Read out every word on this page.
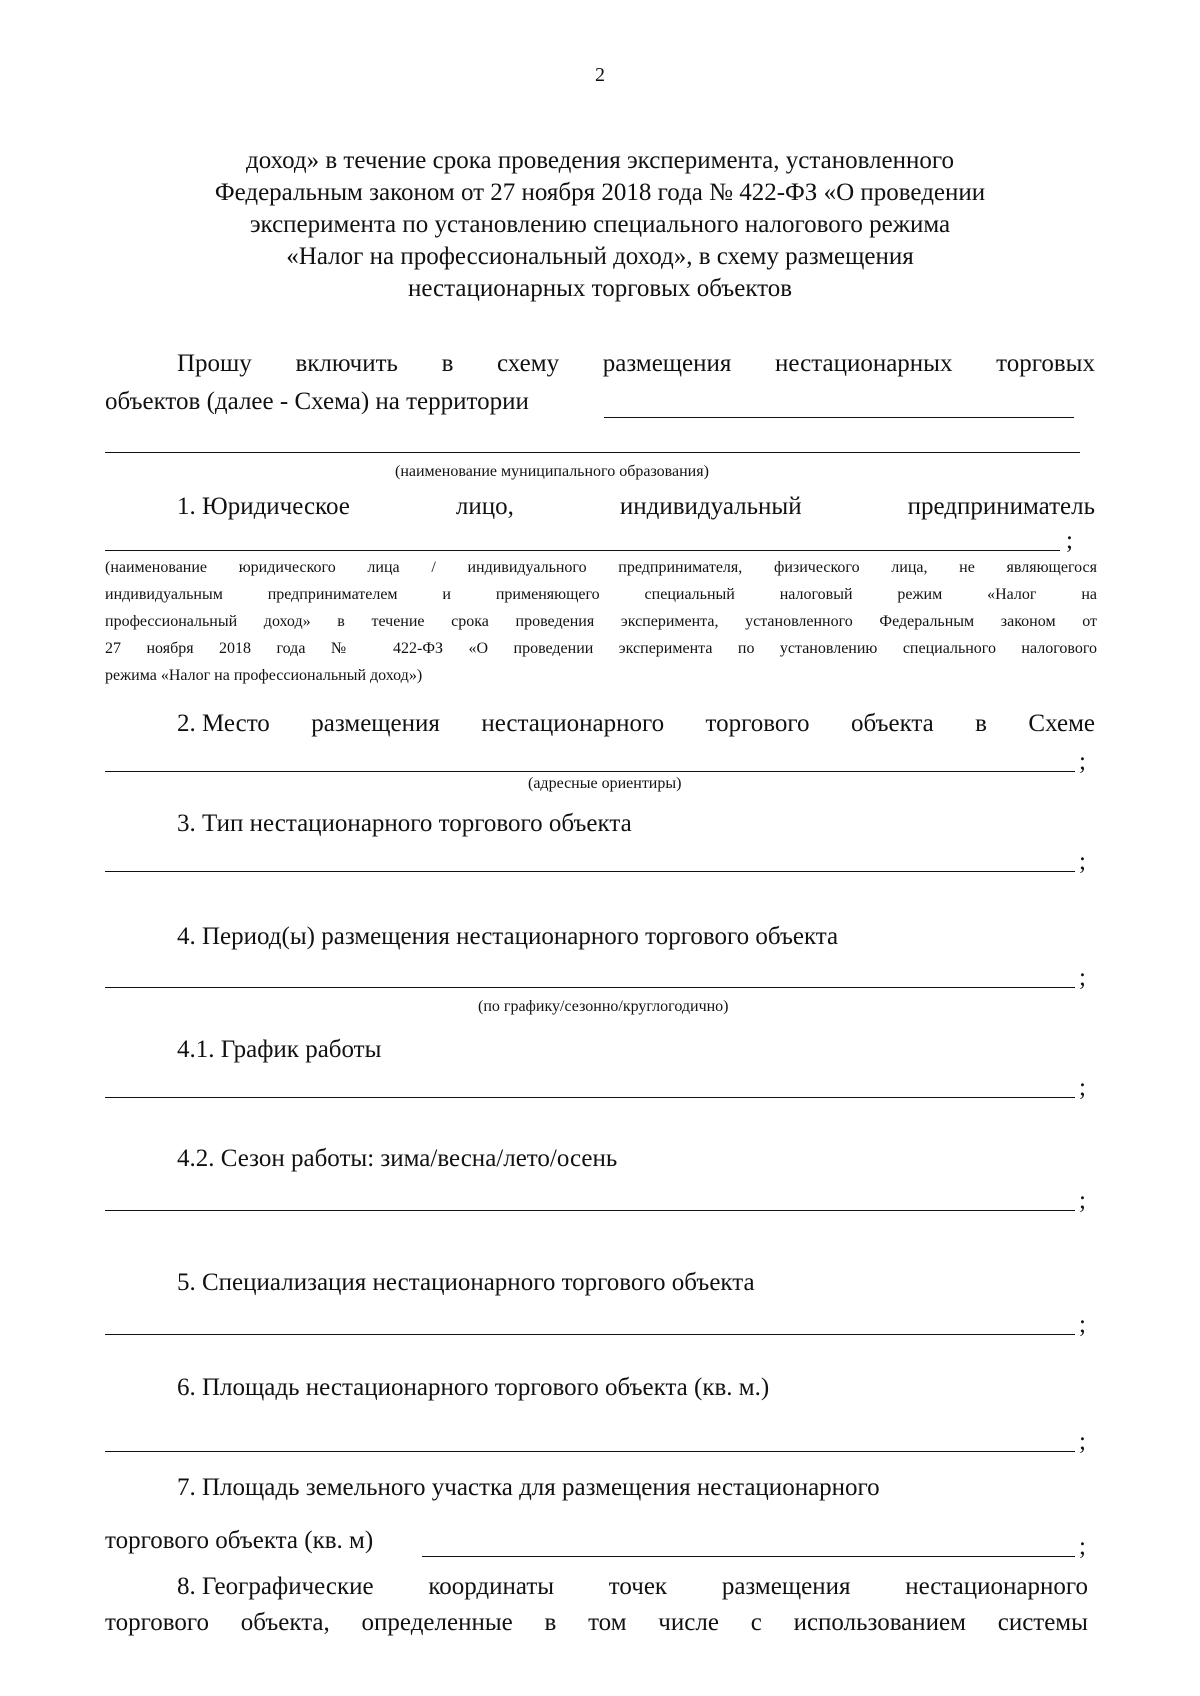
2
доход» в течение срока проведения эксперимента, установленного
Федеральным законом от 27 ноября 2018 года № 422-ФЗ «О проведении
эксперимента по установлению специального налогового режима
«Налог на профессиональный доход», в схему размещения
нестационарных торговых объектов
Прошу включить в схему размещения нестационарных торговых
объектов (далее - Схема) на территории
(наименование муниципального образования)
1. Юридическое	лицо,	индивидуальный	предприниматель
;
(наименование юридического лица / индивидуального предпринимателя, физического лица, не являющегося
индивидуальным предпринимателем и применяющего специальный налоговый режим «Налог на
профессиональный доход» в течение срока проведения эксперимента, установленного Федеральным законом от
27 ноября 2018 года № 422-ФЗ «О проведении эксперимента по установлению специального налогового
режима «Налог на профессиональный доход»)
2. Место размещения нестационарного торгового объекта в Схеме
;
(адресные ориентиры)
3. Тип нестационарного торгового объекта
;
4. Период(ы) размещения нестационарного торгового объекта
;
(по графику/сезонно/круглогодично)
4.1. График работы
;
4.2. Сезон работы: зима/весна/лето/осень
;
5. Специализация нестационарного торгового объекта
;
6. Площадь нестационарного торгового объекта (кв. м.)
;
7. Площадь земельного участка для размещения нестационарного
торгового объекта (кв. м)	;
8. Географические координаты точек размещения нестационарного
торгового объекта, определенные в том числе с использованием системы
